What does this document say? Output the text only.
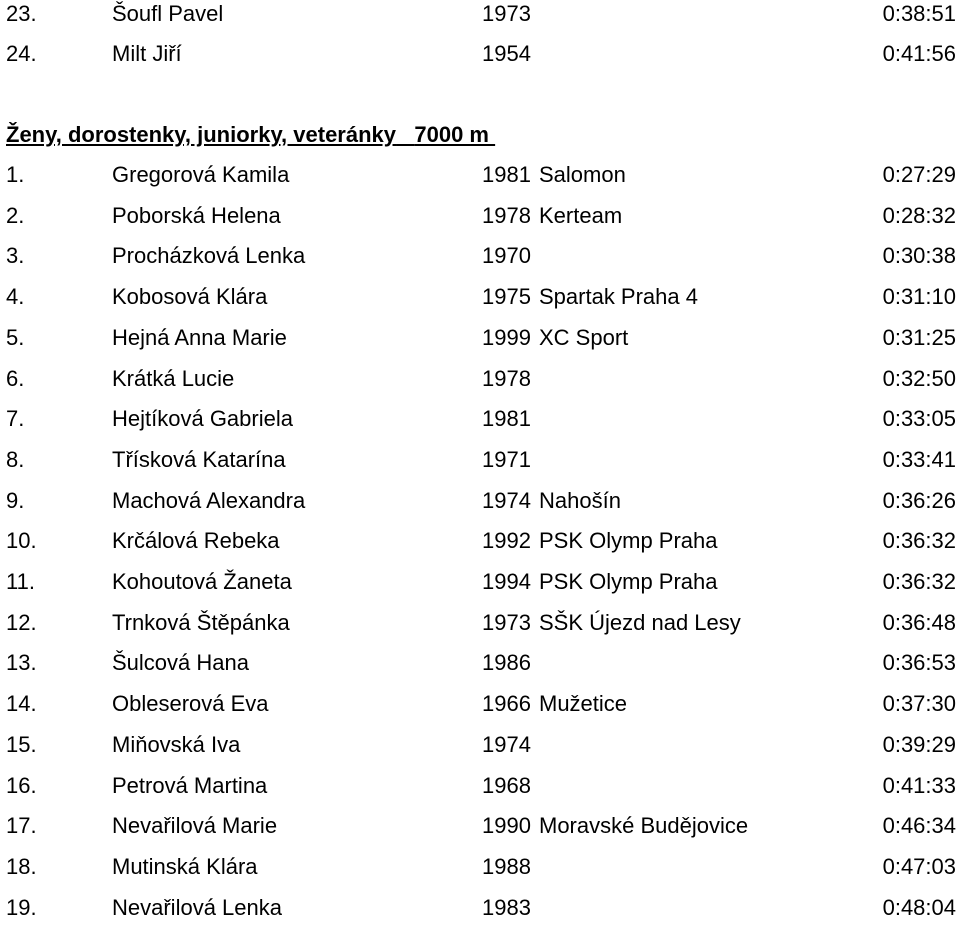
23.	Šoufl Pavel	1973	0:38:51
24.	Milt Jiří	1954	0:41:56
Ženy, dorostenky, juniorky, veteránky 7000 m
1.	Gregorová Kamila	1981 Salomon	0:27:29
2.	Poborská Helena	1978 Kerteam	0:28:32
3.	Procházková Lenka	1970	0:30:38
4.	Kobosová Klára	1975 Spartak Praha 4	0:31:10
5.	Hejná Anna Marie	1999 XC Sport	0:31:25
6.	Krátká Lucie	1978	0:32:50
7.	Hejtíková Gabriela	1981	0:33:05
8.	Třísková Katarína	1971	0:33:41
9.	Machová Alexandra	1974 Nahošín	0:36:26
10.	Krčálová Rebeka	1992 PSK Olymp Praha	0:36:32
11.	Kohoutová Žaneta	1994 PSK Olymp Praha	0:36:32
12.	Trnková Štěpánka	1973 SŠK Újezd nad Lesy	0:36:48
13.	Šulcová Hana	1986	0:36:53
14.	Obleserová Eva	1966 Mužetice	0:37:30
15.	Miňovská Iva	1974	0:39:29
16.	Petrová Martina	1968	0:41:33
17.	Nevařilová Marie	1990 Moravské Budějovice	0:46:34
18.	Mutinská Klára	1988	0:47:03
19.	Nevařilová Lenka	1983	0:48:04
